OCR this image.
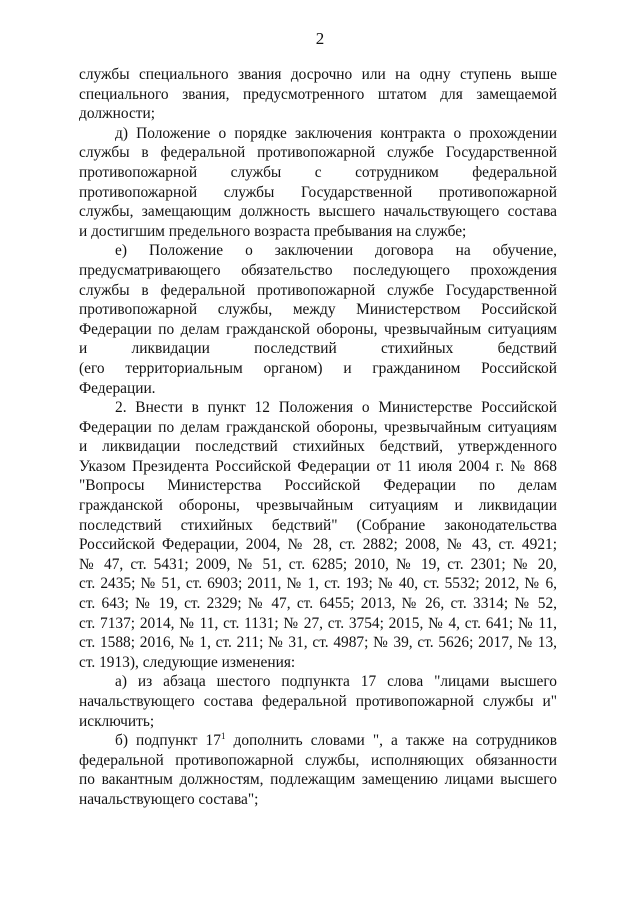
2
службы специального звания досрочно или на одну ступень выше
специального звания, предусмотренного штатом для замещаемой
должности;
д) Положение о порядке заключения контракта о прохождении
службы в федеральной противопожарной службе Государственной
противопожарной службы с сотрудником федеральной
противопожарной службы Государственной противопожарной
службы, замещающим должность высшего начальствующего состава
и достигшим предельного возраста пребывания на службе;
е) Положение о заключении договора на обучение,
предусматривающего обязательство последующего прохождения
службы в федеральной противопожарной службе Государственной
противопожарной службы, между Министерством Российской
Федерации по делам гражданской обороны, чрезвычайным ситуациям
и ликвидации последствий стихийных бедствий
(его территориальным органом) и гражданином Российской
Федерации.
2. Внести в пункт 12 Положения о Министерстве Российской
Федерации по делам гражданской обороны, чрезвычайным ситуациям
и ликвидации последствий стихийных бедствий, утвержденного
Указом Президента Российской Федерации от 11 июля 2004 г. № 868
"Вопросы Министерства Российской Федерации по делам
гражданской обороны, чрезвычайным ситуациям и ликвидации
последствий стихийных бедствий" (Собрание законодательства
Российской Федерации, 2004, № 28, ст. 2882; 2008, № 43, ст. 4921;
№ 47, ст. 5431; 2009, № 51, ст. 6285; 2010, № 19, ст. 2301; № 20,
ст. 2435; № 51, ст. 6903; 2011, № 1, ст. 193; № 40, ст. 5532; 2012, № 6,
ст. 643; № 19, ст. 2329; № 47, ст. 6455; 2013, № 26, ст. 3314; № 52,
ст. 7137; 2014, № 11, ст. 1131; № 27, ст. 3754; 2015, № 4, ст. 641; № 11,
ст. 1588; 2016, № 1, ст. 211; № 31, ст. 4987; № 39, ст. 5626; 2017, № 13,
ст. 1913), следующие изменения:
а) из абзаца шестого подпункта 17 слова "лицами высшего
начальствующего состава федеральной противопожарной службы и"
исключить;
б) подпункт $17^1$ дополнить словами ", а также на сотрудников
федеральной противопожарной службы, исполняющих обязанности
по вакантным должностям, подлежащим замещению лицами высшего
начальствующего состава";
